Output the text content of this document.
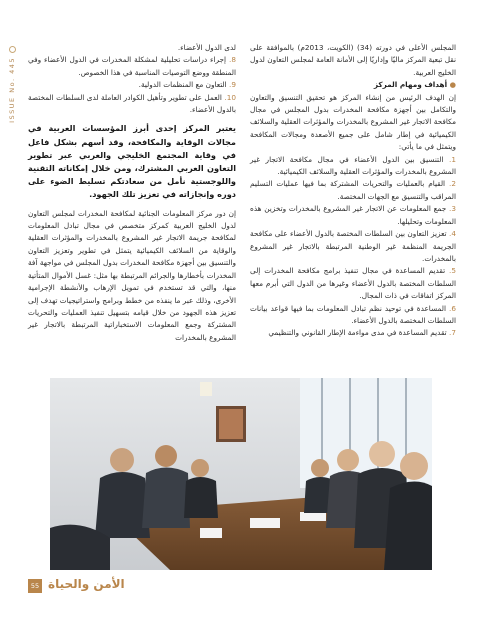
ISSUE No. 445

المجلس الأعلى في دورته (34) (الكويت، 2013م) بالموافقة على نقل تبعية المركز ماليًا وإداريًا إلى الأمانة العامة لمجلس التعاون لدول الخليج العربية.

● أهداف ومهام المركز

إن الهدف الرئيس من إنشاء المركز هو تحقيق التنسيق والتعاون والتكامل بين أجهزة مكافحة المخدرات بدول المجلس في مجال مكافحة الاتجار غير المشروع بالمخدرات والمؤثرات العقلية والسلائف الكيميائية في إطار شامل على جميع الأصعدة ومجالات المكافحة ويتمثل في ما يأتي:

1. التنسيق بين الدول الأعضاء في مجال مكافحة الاتجار غير المشروع بالمخدرات والمؤثرات العقلية والسلائف الكيميائية.

2. القيام بالعمليات والتحريات المشتركة بما فيها عمليات التسليم المراقب والتنسيق مع الجهات المختصة.

3. جمع المعلومات عن الاتجار غير المشروع بالمخدرات وتخزين هذه المعلومات وتحليلها.

4. تعزيز التعاون بين السلطات المختصة بالدول الأعضاء على مكافحة الجريمة المنظمة غير الوطنية المرتبطة بالاتجار غير المشروع بالمخدرات.

5. تقديم المساعدة في مجال تنفيذ برامج مكافحة المخدرات إلى السلطات المختصة بالدول الأعضاء وغيرها من الدول التي أبرم معها المركز اتفاقات في ذات المجال.

6. المساعدة في توحيد نظم تبادل المعلومات بما فيها قواعد بيانات السلطات المختصة بالدول الأعضاء.

7. تقديم المساعدة في مدى مواءمة الإطار القانوني والتنظيمي

لدى الدول الأعضاء.

8. إجراء دراسات تحليلية لمشكلة المخدرات في الدول الأعضاء وفي المنطقة ووضع التوصيات المناسبة في هذا الخصوص.

9. التعاون مع المنظمات الدولية.

10. العمل على تطوير وتأهيل الكوادر العاملة لدى السلطات المختصة بالدول الأعضاء.

يعتبر المركز إحدى أبرز المؤسسات العربية في مجالات الوقاية والمكافحة، وقد أسهم بشكل فاعل في وقاية المجتمع الخليجي والعربي عبر تطوير التعاون العربي المشترك، ومن خلال إمكاناته التقنية واللوجستية نأمل من سعادتكم تسليط الضوء على دوره وإنجازاته في تعزيز تلك الجهود.

إن دور مركز المعلومات الجنائية لمكافحة المخدرات لمجلس التعاون لدول الخليج العربية كمركز متخصص في مجال تبادل المعلومات لمكافحة جريمة الاتجار غير المشروع بالمخدرات والمؤثرات العقلية والوقاية من السلائف الكيميائية يتمثل في تطوير وتعزيز التعاون والتنسيق بين أجهزة مكافحة المخدرات بدول المجلس في مواجهة آفة المخدرات بأخطارها والجرائم المرتبطة بها مثل: غسل الأموال المتأتية منها، والتي قد تستخدم في تمويل الإرهاب والأنشطة الإجرامية الأخرى، وذلك عبر ما ينفذه من خطط وبرامج واستراتيجيات تهدف إلى تعزيز هذه الجهود من خلال قيامه بتسهيل تنفيذ العمليات والتحريات المشتركة وجمع المعلومات الاستخباراتية المرتبطة بالاتجار غير المشروع بالمخدرات

55 الأمن والحياة
